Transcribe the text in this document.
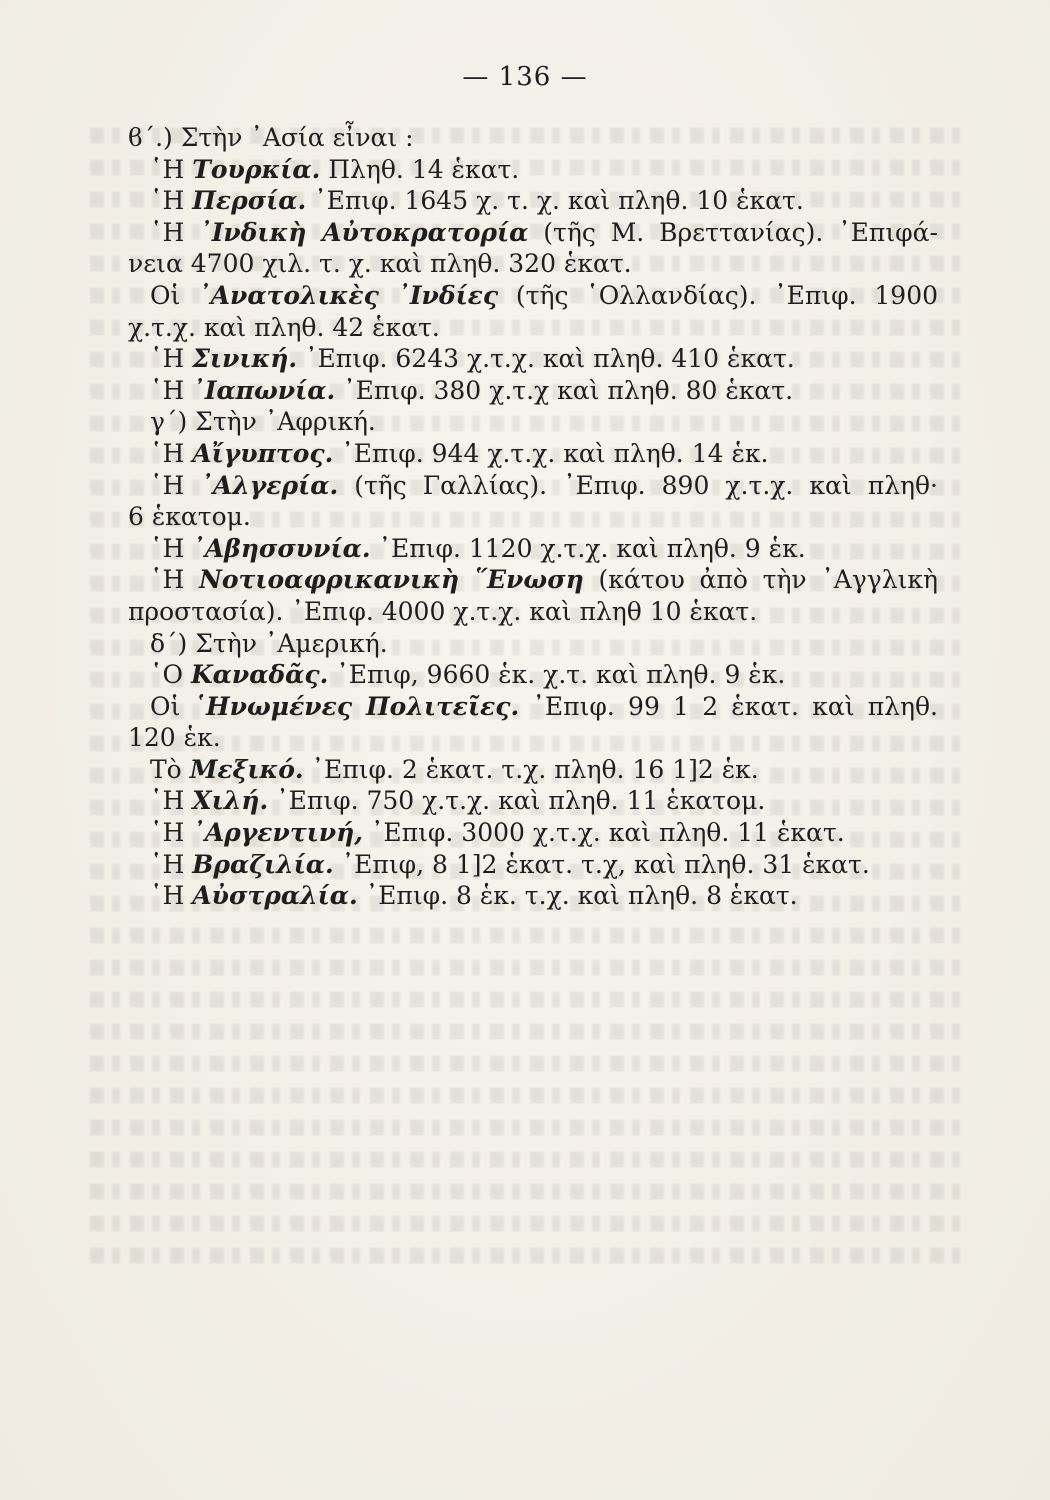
— 136 —
ϐ΄.) Στὴν ᾽Ασία εἶναι :
῾Η Τουρκία. Πληθ. 14 ἑκατ.
῾Η Περσία. ᾽Επιφ. 1645 χ. τ. χ. καὶ πληθ. 10 ἑκατ.
῾Η ᾽Ινδικὴ Αὐτοκρατορία (τῆς Μ. Βρεττανίας). ᾽Επιφά-
νεια 4700 χιλ. τ. χ. καὶ πληθ. 320 ἑκατ.
Οἱ ᾽Ανατολικὲς ᾽Ινδίες (τῆς ῾Ολλανδίας). ᾽Επιφ. 1900
χ.τ.χ. καὶ πληθ. 42 ἑκατ.
῾Η Σινική. ᾽Επιφ. 6243 χ.τ.χ. καὶ πληθ. 410 ἑκατ.
῾Η ᾽Ιαπωνία. ᾽Επιφ. 380 χ.τ.χ καὶ πληθ. 80 ἑκατ.
γ΄) Στὴν ᾽Αφρική.
῾Η Αἴγυπτος. ᾽Επιφ. 944 χ.τ.χ. καὶ πληθ. 14 ἑκ.
῾Η ᾽Αλγερία. (τῆς Γαλλίας). ᾽Επιφ. 890 χ.τ.χ. καὶ πληθ·
6 ἑκατομ.
῾Η ᾽Αβησσυνία. ᾽Επιφ. 1120 χ.τ.χ. καὶ πληθ. 9 ἑκ.
῾Η Νοτιοαφρικανικὴ ῞Ενωση (κάτου ἀπὸ τὴν ᾽Αγγλικὴ
προστασία). ᾽Επιφ. 4000 χ.τ.χ. καὶ πληθ 10 ἑκατ.
δ΄) Στὴν ᾽Αμερική.
῾Ο Καναδᾶς. ᾽Επιφ, 9660 ἑκ. χ.τ. καὶ πληθ. 9 ἑκ.
Οἱ ῾Ηνωμένες Πολιτεῖες. ᾽Επιφ. 99 1 2 ἑκατ. καὶ πληθ.
120 ἑκ.
Τὸ Μεξικό. ᾽Επιφ. 2 ἑκατ. τ.χ. πληθ. 16 1]2 ἑκ.
῾Η Χιλή. ᾽Επιφ. 750 χ.τ.χ. καὶ πληθ. 11 ἑκατομ.
῾Η ᾽Αργεντινή, ᾽Επιφ. 3000 χ.τ.χ. καὶ πληθ. 11 ἑκατ.
῾Η Βραζιλία. ᾽Επιφ, 8 1]2 ἑκατ. τ.χ, καὶ πληθ. 31 ἑκατ.
῾Η Αὐστραλία. ᾽Επιφ. 8 ἑκ. τ.χ. καὶ πληθ. 8 ἑκατ.
